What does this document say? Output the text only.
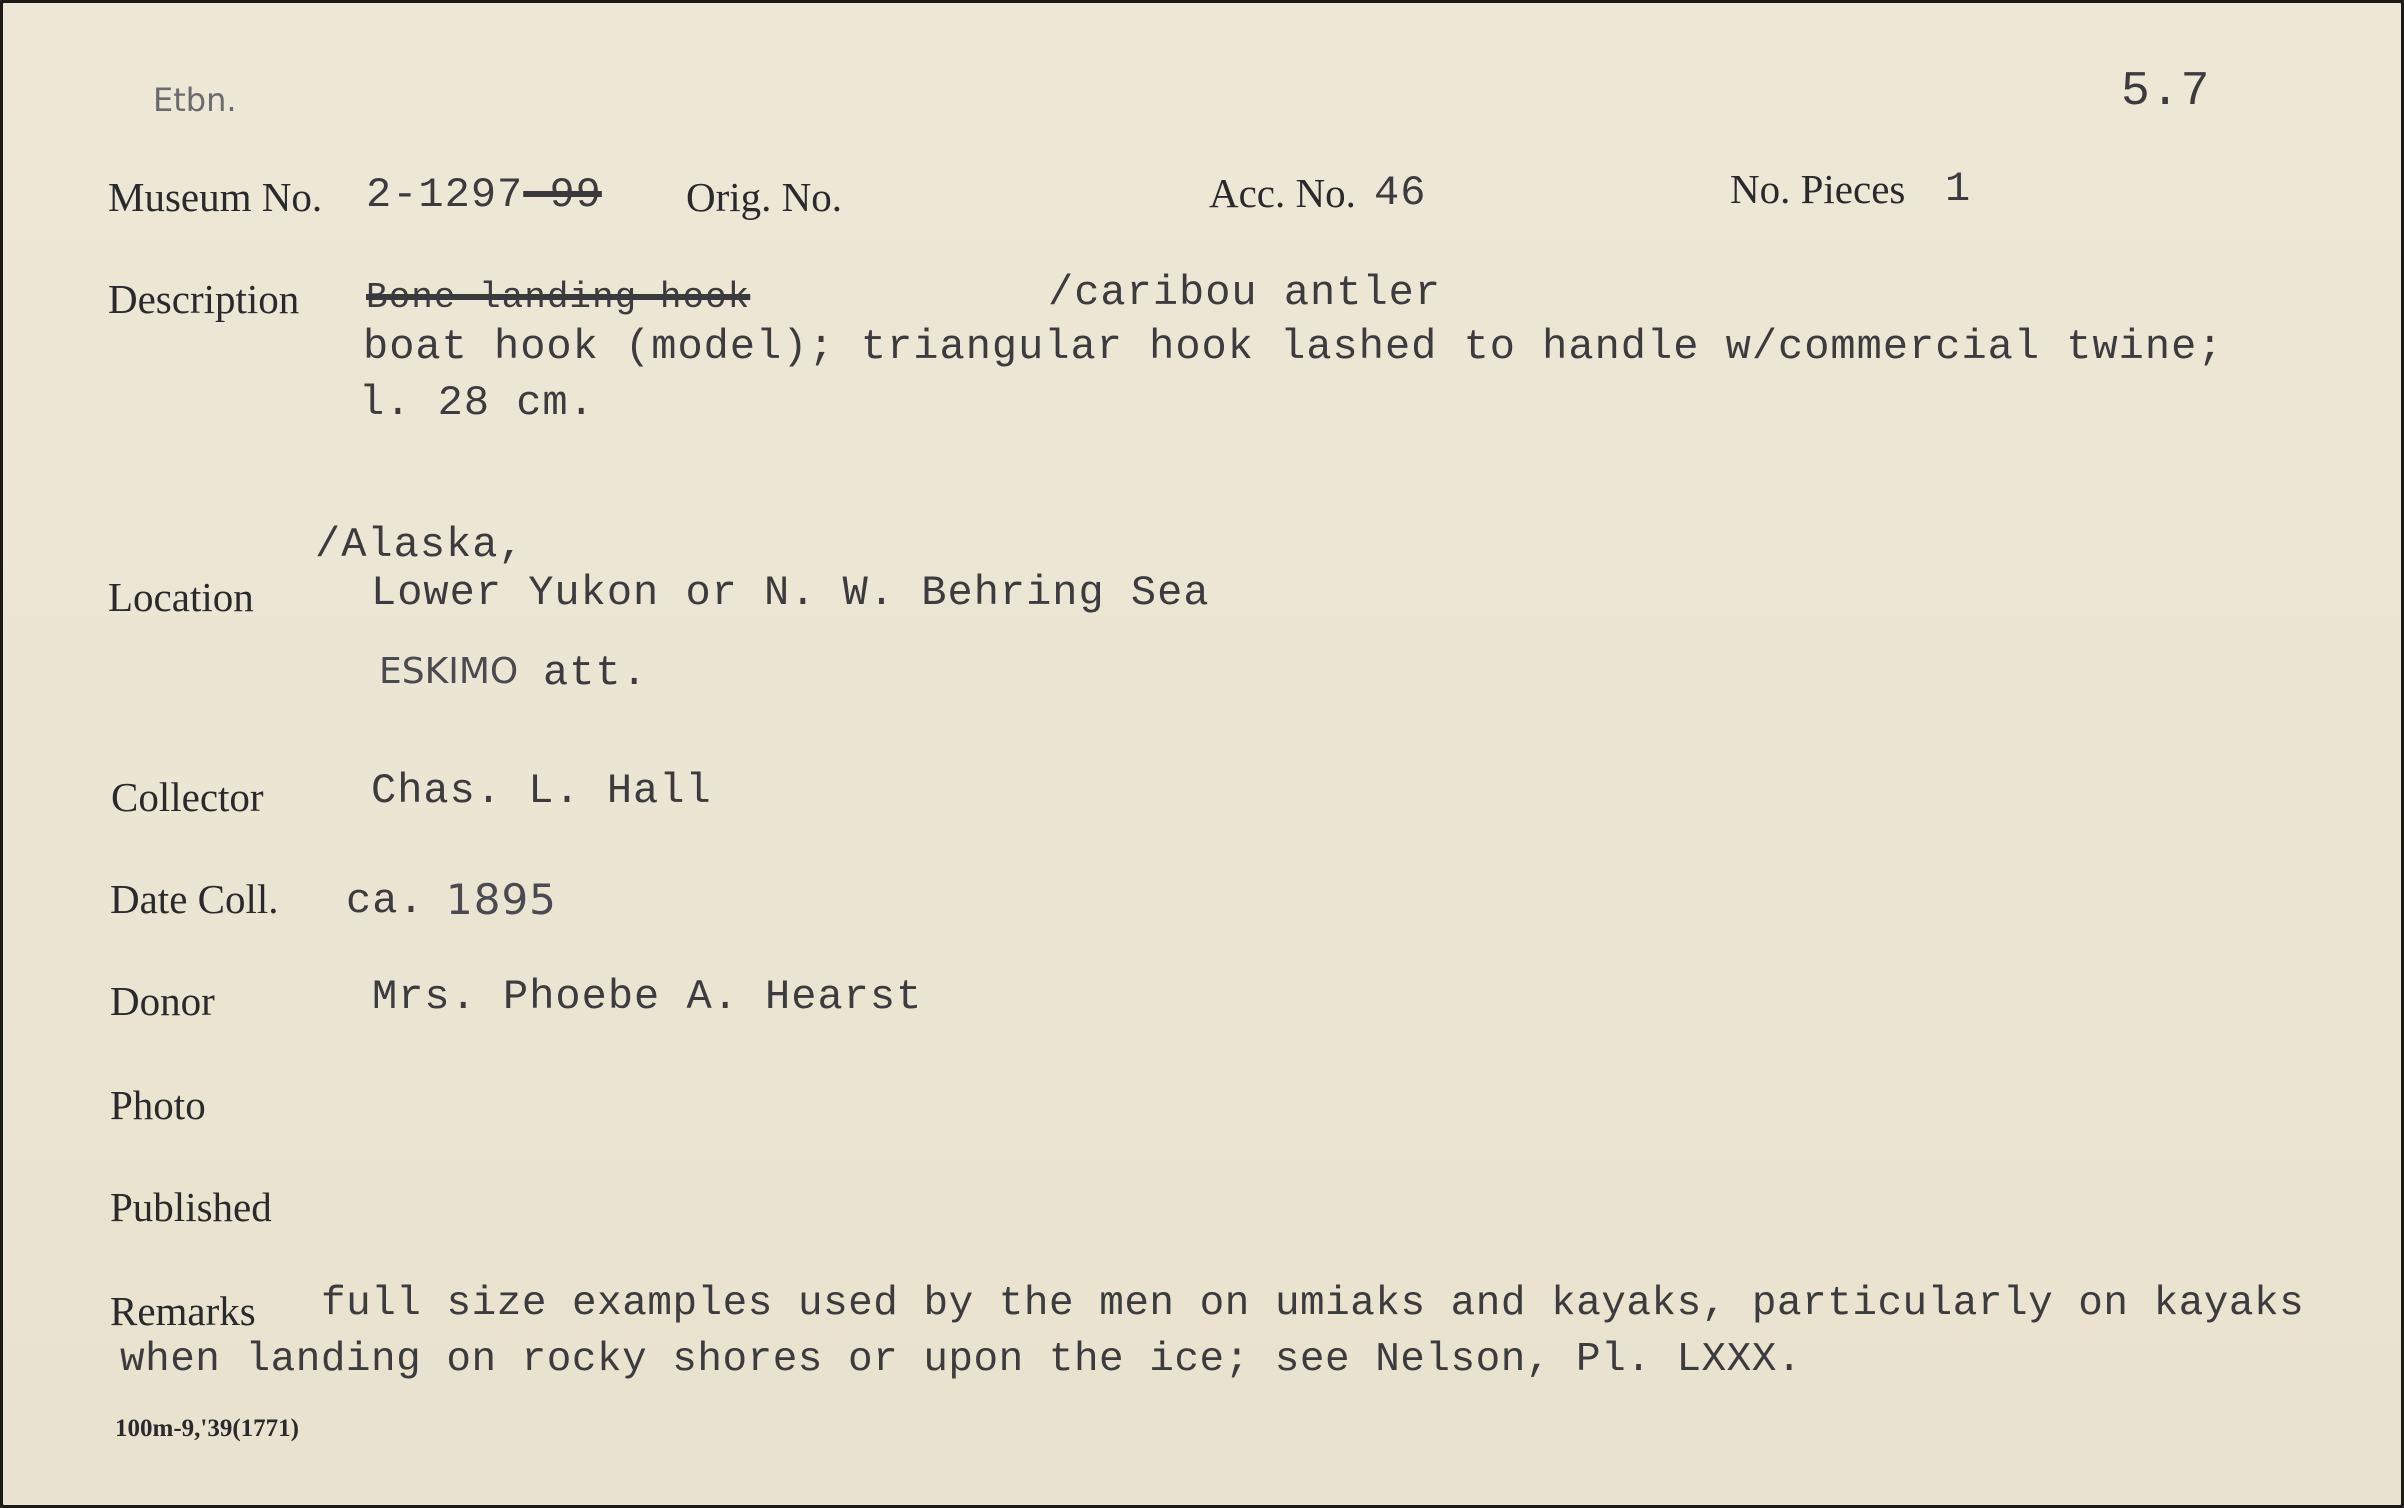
Etbn.	5.7
Museum No. 2-1297-99 Orig. No.	Acc. No. 46	No. Pieces 1
Description Bone landing hook	/caribou antler
boat hook (model); triangular hook lashed to handle w/commercial twine;
l. 28 cm.
/Alaska,
Location	Lower Yukon or N. W. Behring Sea
ESKIMO att.
Collector	Chas. L. Hall
Date Coll. ca. 1895
Donor	Mrs. Phoebe A. Hearst
Photo
Published
Remarks full size examples used by the men on umiaks and kayaks, particularly on kayaks
when landing on rocky shores or upon the ice; see Nelson, Pl. LXXX.
100m-9,'39(1771)
